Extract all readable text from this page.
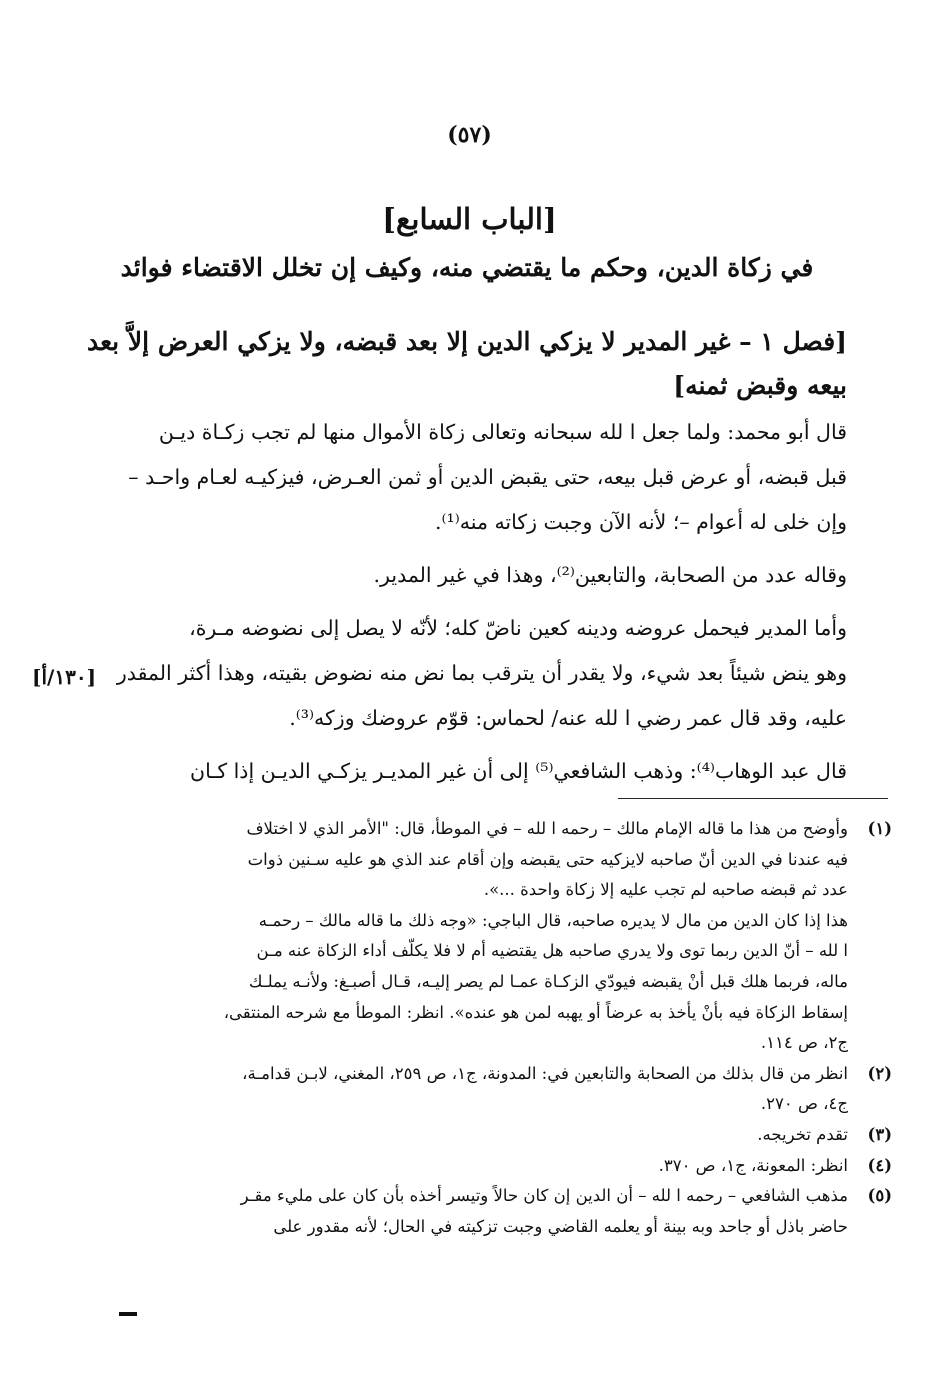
(٥٧)
[الباب السابع]
في زكاة الدين، وحكم ما يقتضي منه، وكيف إن تخلل الاقتضاء فوائد
[فصل ١ – غير المدير لا يزكي الدين إلا بعد قبضه، ولا يزكي العرض إلاَّ بعد بيعه وقبض ثمنه]

قال أبو محمد: ولما جعل ا لله سبحانه وتعالى زكاة الأموال منها لم تجب زكـاة ديـن
قبل قبضه، أو عرض قبل بيعه، حتى يقبض الدين أو ثمن العـرض، فيزكيـه لعـام واحـد –
وإن خلى له أعوام –؛ لأنه الآن وجبت زكاته منه⁽¹⁾.

وقاله عدد من الصحابة، والتابعين⁽²⁾، وهذا في غير المدير.

وأما المدير فيحمل عروضه ودينه كعين ناضّ كله؛ لأنّه لا يصل إلى نضوضه مـرة،
وهو ينض شيئاً بعد شيء، ولا يقدر أن يترقب بما نض منه نضوض بقيته، وهذا أكثر المقدر
عليه، وقد قال عمر رضي ا لله عنه/ لحماس: قوّم عروضك وزكه⁽³⁾.

قال عبد الوهاب⁽⁴⁾: وذهب الشافعي⁽⁵⁾ إلى أن غير المديـر يزكـي الديـن إذا كـان

[١٣٠/أ]
(١)
وأوضح من هذا ما قاله الإمام مالك – رحمه ا لله – في الموطأ، قال: "الأمر الذي لا اختلاف
فيه عندنا في الدين أنّ صاحبه لايزكيه حتى يقبضه وإن أقام عند الذي هو عليه سـنين ذوات
عدد ثم قبضه صاحبه لم تجب عليه إلا زكاة واحدة ...».
هذا إذا كان الدين من مال لا يديره صاحبه، قال الباجي: «وجه ذلك ما قاله مالك – رحمـه
ا لله – أنّ الدين ربما توى ولا يدري صاحبه هل يقتضيه أم لا فلا يكلّف أداء الزكاة عنه مـن
ماله، فربما هلك قبل أنْ يقبضه فيودّي الزكـاة عمـا لم يصر إليـه، قـال أصبـغ: ولأنـه يملـك
إسقاط الزكاة فيه بأنْ يأخذ به عرضاً أو يهبه لمن هو عنده». انظر: الموطأ مع شرحه المنتقى،
ج٢، ص ١١٤.
(٢)
انظر من قال بذلك من الصحابة والتابعين في: المدونة، ج١، ص ٢٥٩، المغني، لابـن قدامـة،
ج٤، ص ٢٧٠.
(٣)
تقدم تخريجه.
(٤)
انظر: المعونة، ج١، ص ٣٧٠.
(٥)
مذهب الشافعي – رحمه ا لله – أن الدين إن كان حالاً وتيسر أخذه بأن كان على مليء مقـر
حاضر باذل أو جاحد وبه بينة أو يعلمه القاضي وجبت تزكيته في الحال؛ لأنه مقدور على
